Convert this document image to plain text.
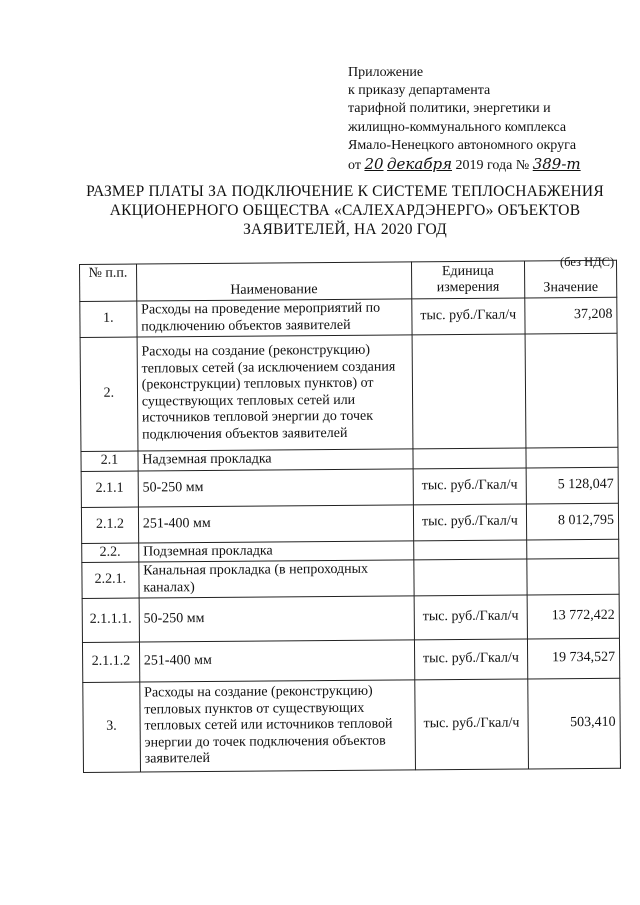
Приложение
к приказу департамента
тарифной политики, энергетики и
жилищно-коммунального комплекса
Ямало-Ненецкого автономного округа
от 20 декабря 2019 года № 389-т
РАЗМЕР ПЛАТЫ ЗА ПОДКЛЮЧЕНИЕ К СИСТЕМЕ ТЕПЛОСНАБЖЕНИЯ
АКЦИОНЕРНОГО ОБЩЕСТВА «САЛЕХАРДЭНЕРГО» ОБЪЕКТОВ
ЗАЯВИТЕЛЕЙ, НА 2020 ГОД
(без НДС)
№ п.п.	Наименование	Единица измерения	Значение
1.	Расходы на проведение мероприятий по подключению объектов заявителей	тыс. руб./Гкал/ч	37,208
2.	Расходы на создание (реконструкцию) тепловых сетей (за исключением создания (реконструкции) тепловых пунктов) от существующих тепловых сетей или источников тепловой энергии до точек подключения объектов заявителей		
2.1	Надземная прокладка		
2.1.1	50-250 мм	тыс. руб./Гкал/ч	5 128,047
2.1.2	251-400 мм	тыс. руб./Гкал/ч	8 012,795
2.2.	Подземная прокладка		
2.2.1.	Канальная прокладка (в непроходных каналах)		
2.1.1.1.	50-250 мм	тыс. руб./Гкал/ч	13 772,422
2.1.1.2	251-400 мм	тыс. руб./Гкал/ч	19 734,527
3.	Расходы на создание (реконструкцию) тепловых пунктов от существующих тепловых сетей или источников тепловой энергии до точек подключения объектов заявителей	тыс. руб./Гкал/ч	503,410
